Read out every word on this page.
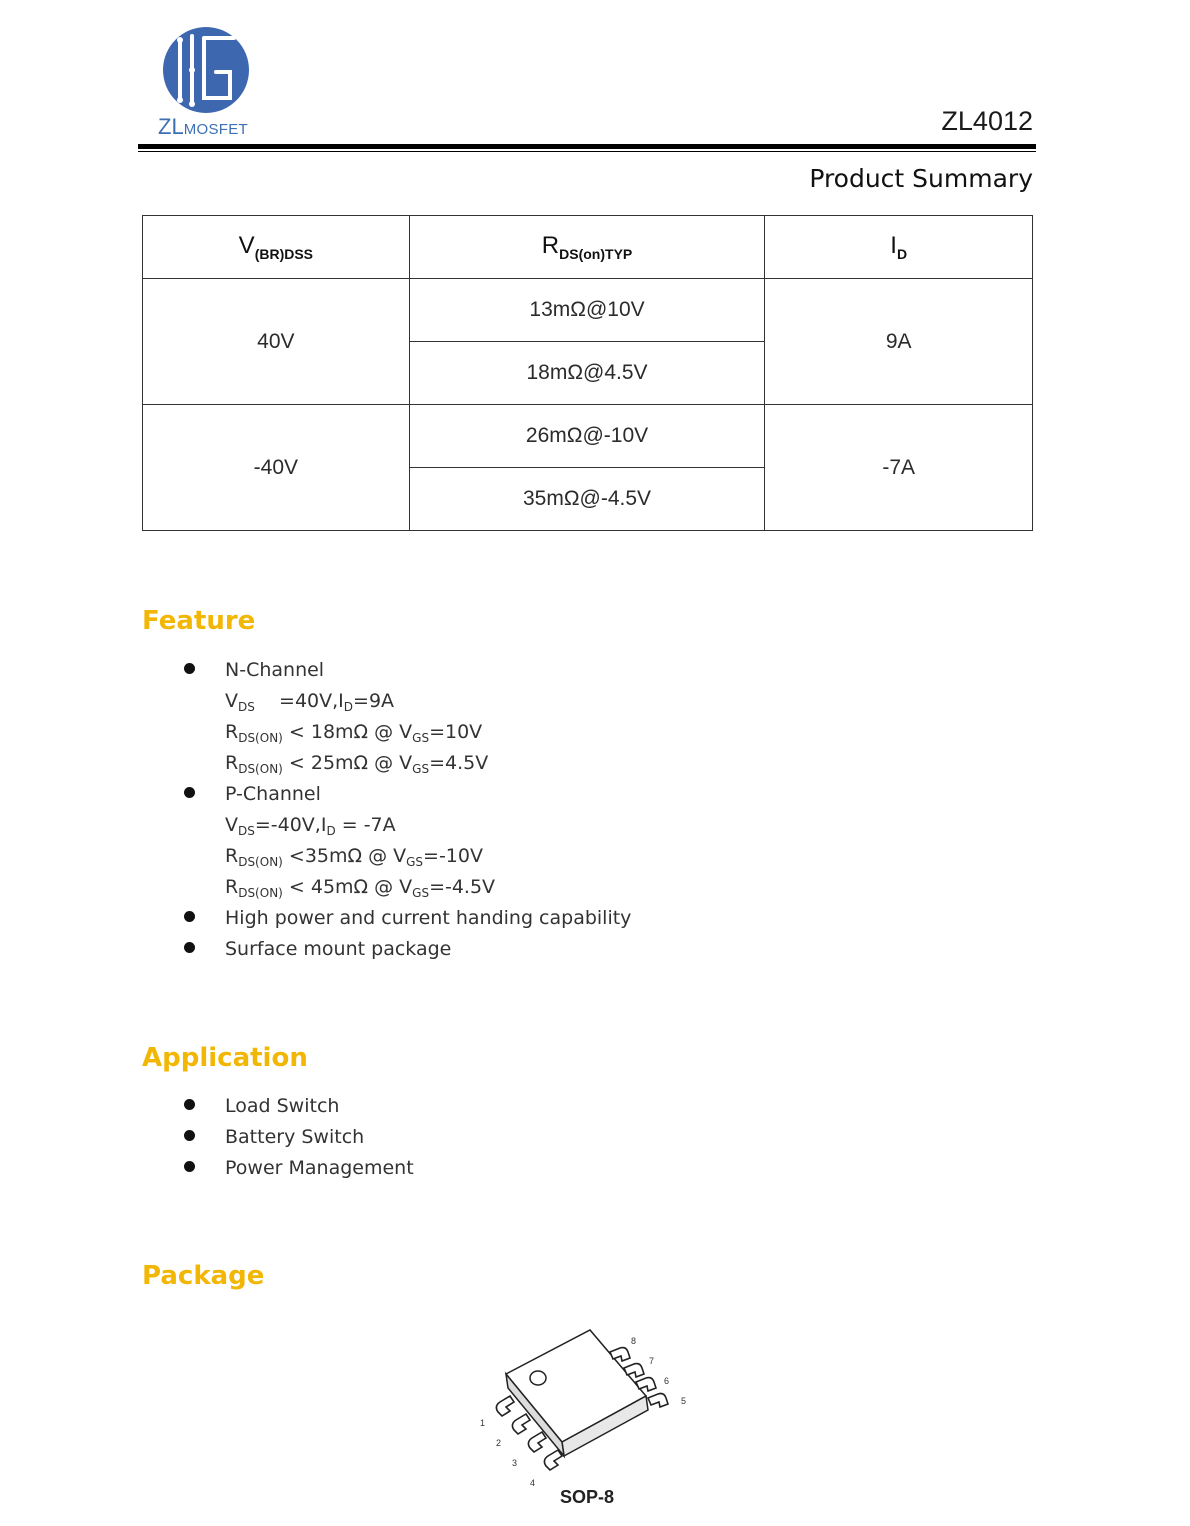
ZLMOSFET	ZL4012
Product Summary
$V_{(BR)DSS}$	$R_{DS(on)TYP}$	$I_D$
40V	13mΩ@10V	9A
	18mΩ@4.5V	
-40V	26mΩ@-10V	-7A
	35mΩ@-4.5V	
Feature
N-Channel
$V_{DS} =40V,I_D=9A$
$R_{DS(ON)} < 18m\Omega$ @ $V_{GS}=10V$
$R_{DS(ON)} < 25m\Omega$ @ $V_{GS}=4.5V$
P-Channel
$V_{DS}=-40V,I_D = -7A$
$R_{DS(ON)} <35m\Omega$ @ $V_{GS}=-10V$
$R_{DS(ON)} < 45m\Omega$ @ $V_{GS}=-4.5V$
High power and current handing capability
Surface mount package
Application
Load Switch
Battery Switch
Power Management
Package
1
2
3
4
5
6
7
8
SOP-8
